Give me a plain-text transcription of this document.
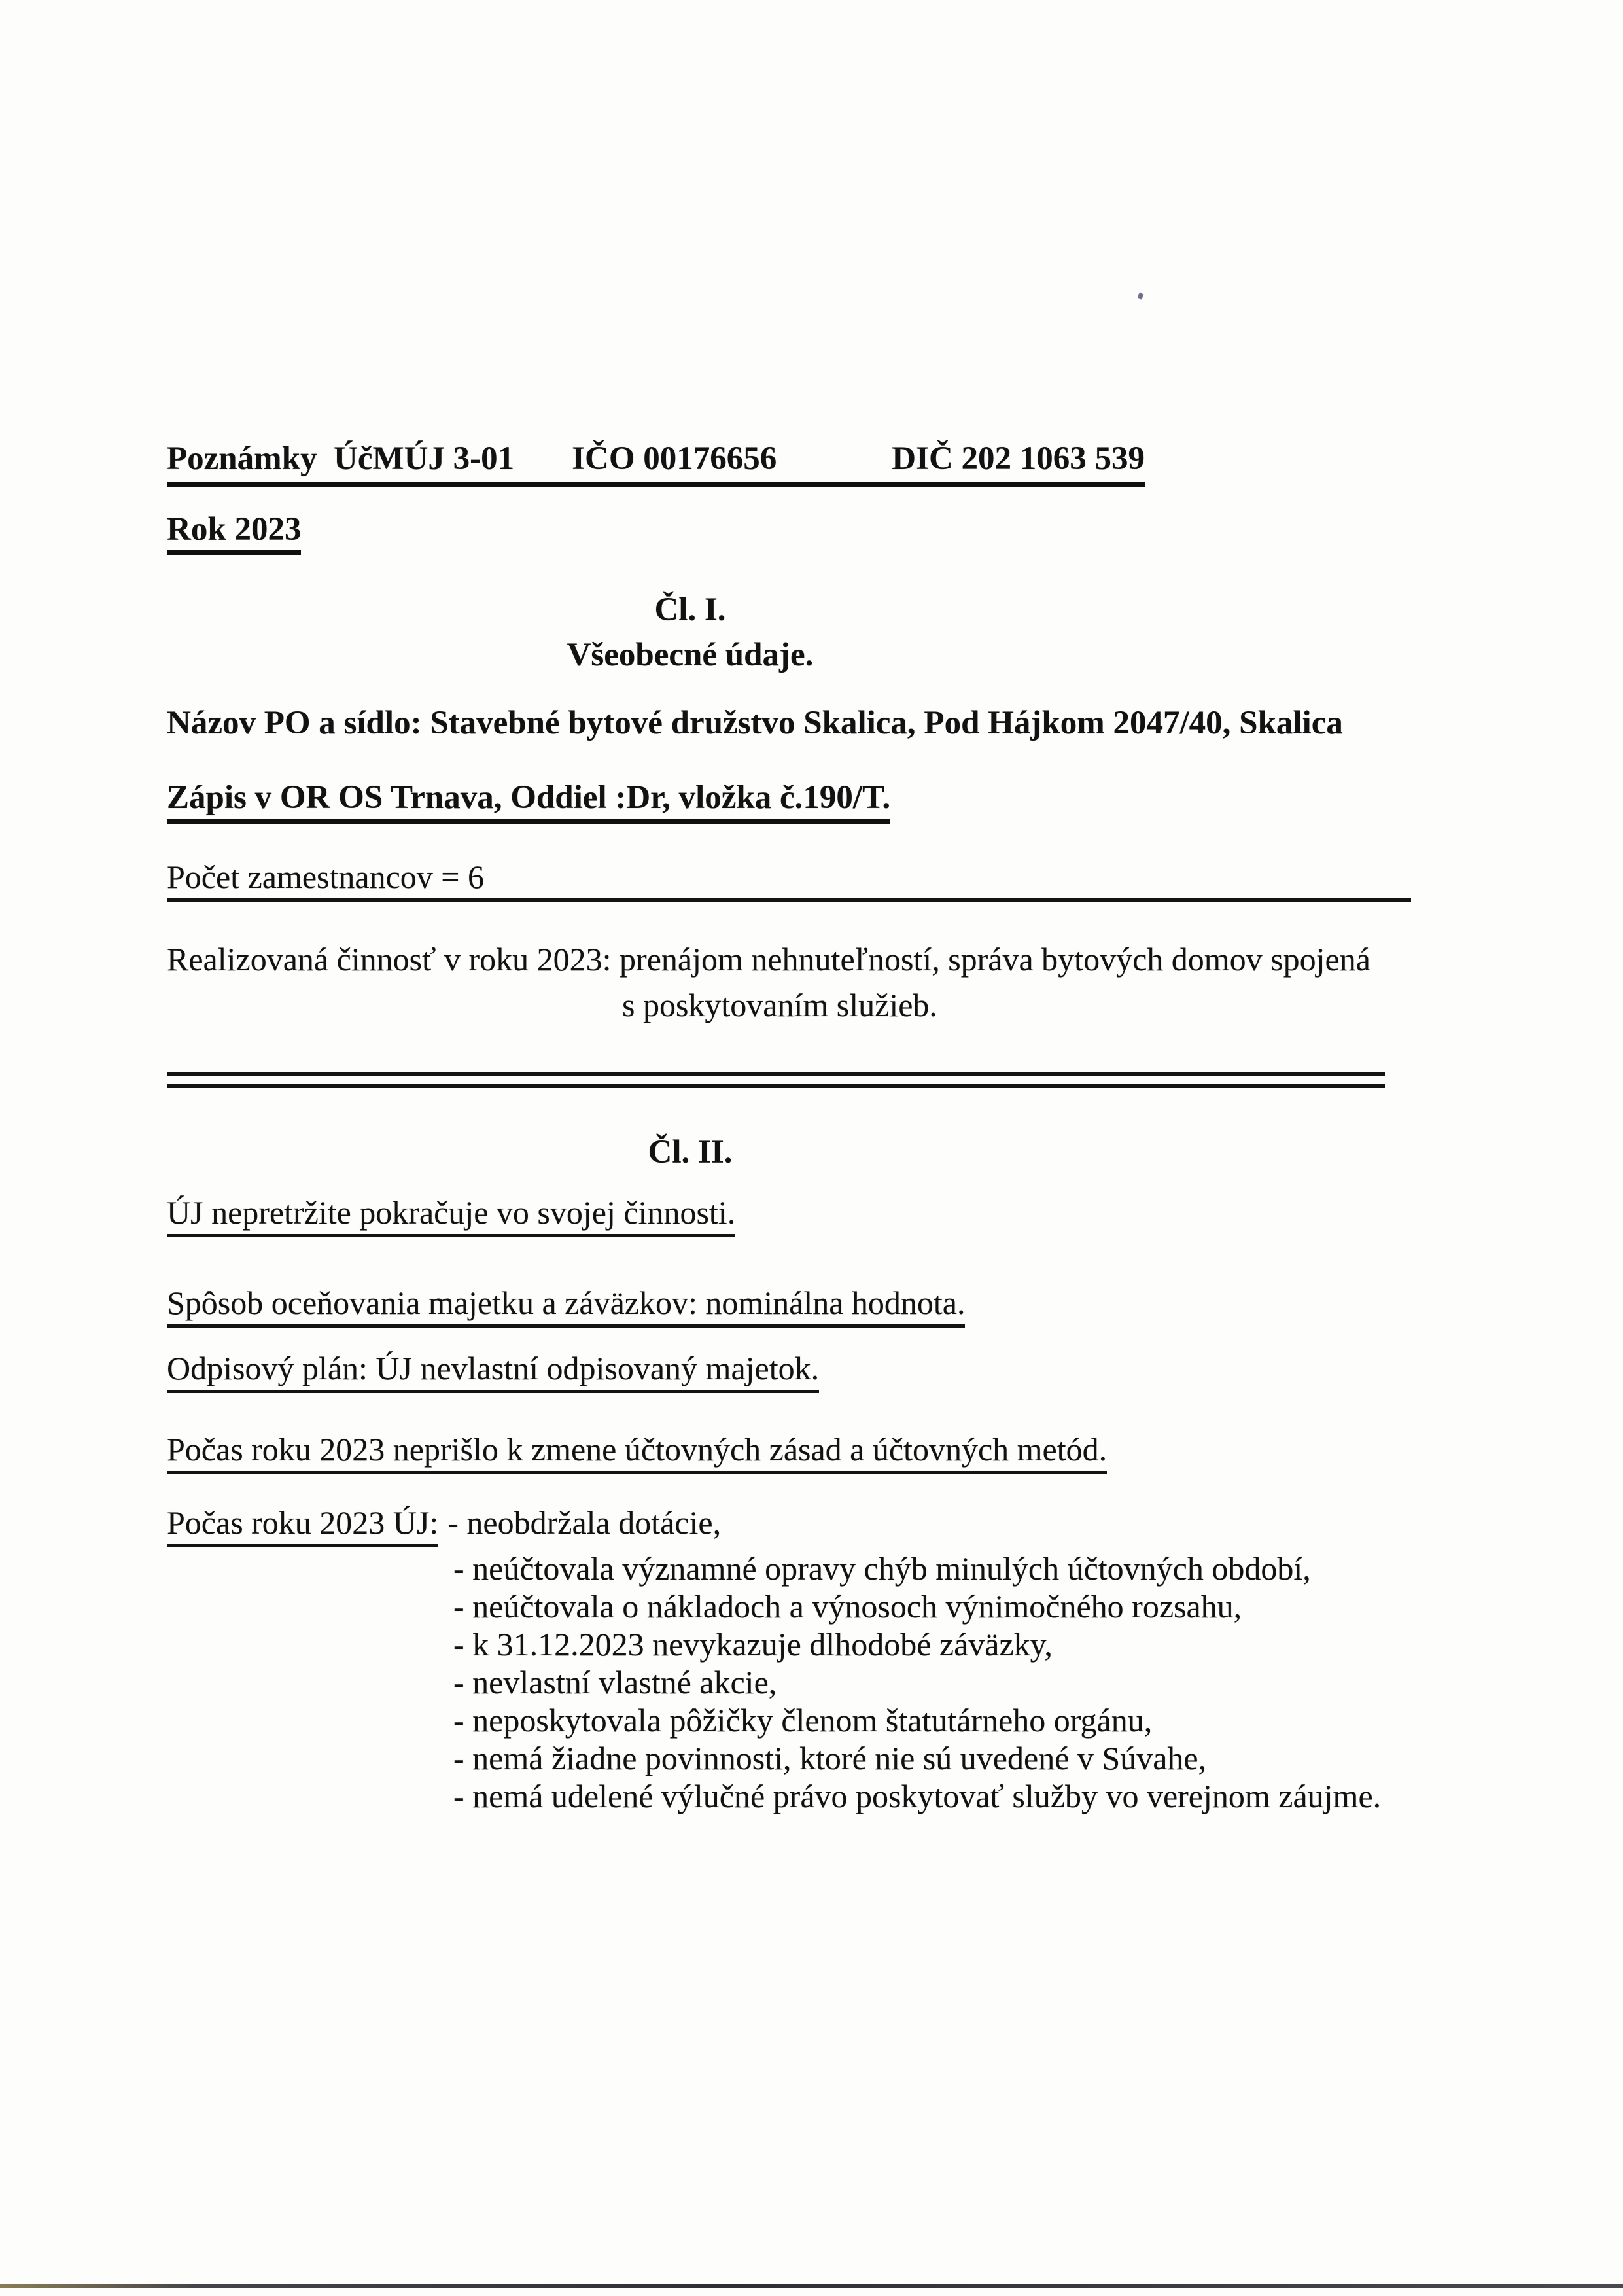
Poznámky  ÚčMÚJ 3-01 IČO 00176656	DIČ 202 1063 539
Rok 2023
Čl. I.
Všeobecné údaje.
Názov PO a sídlo: Stavebné bytové družstvo Skalica, Pod Hájkom 2047/40, Skalica
Zápis v OR OS Trnava, Oddiel :Dr, vložka č.190/T.
Počet zamestnancov = 6
Realizovaná činnosť v roku 2023: prenájom nehnuteľností, správa bytových domov spojená
s poskytovaním služieb.
Čl. II.
ÚJ nepretržite pokračuje vo svojej činnosti.
Spôsob oceňovania majetku a záväzkov: nominálna hodnota.
Odpisový plán: ÚJ nevlastní odpisovaný majetok.
Počas roku 2023 neprišlo k zmene účtovných zásad a účtovných metód.
Počas roku 2023 ÚJ: - neobdržala dotácie,
- neúčtovala významné opravy chýb minulých účtovných období,
- neúčtovala o nákladoch a výnosoch výnimočného rozsahu,
- k 31.12.2023 nevykazuje dlhodobé záväzky,
- nevlastní vlastné akcie,
- neposkytovala pôžičky členom štatutárneho orgánu,
- nemá žiadne povinnosti, ktoré nie sú uvedené v Súvahe,
- nemá udelené výlučné právo poskytovať služby vo verejnom záujme.
